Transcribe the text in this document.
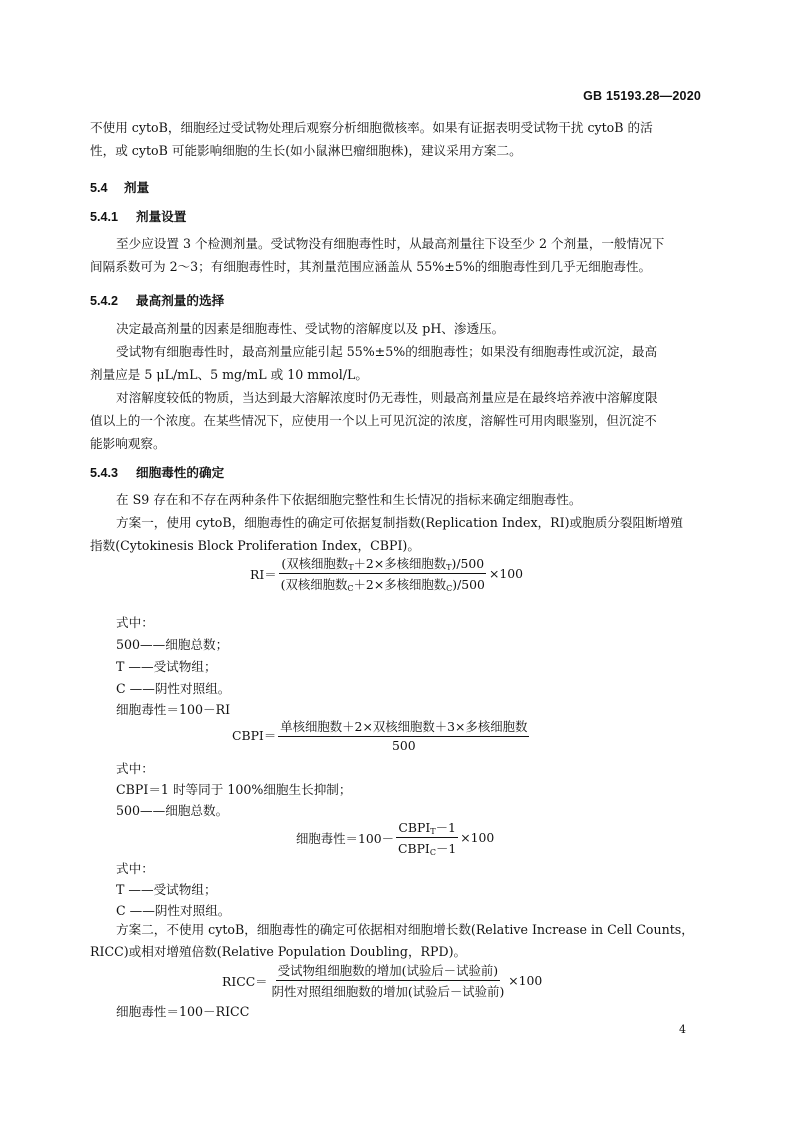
GB 15193.28—2020
不使用 cytoB，细胞经过受试物处理后观察分析细胞微核率。如果有证据表明受试物干扰 cytoB 的活
性，或 cytoB 可能影响细胞的生长(如小鼠淋巴瘤细胞株)，建议采用方案二。
5.4 剂量
5.4.1 剂量设置
至少应设置 3 个检测剂量。受试物没有细胞毒性时，从最高剂量往下设至少 2 个剂量，一般情况下
间隔系数可为 2～3；有细胞毒性时，其剂量范围应涵盖从 55%±5%的细胞毒性到几乎无细胞毒性。
5.4.2 最高剂量的选择
决定最高剂量的因素是细胞毒性、受试物的溶解度以及 pH、渗透压。
受试物有细胞毒性时，最高剂量应能引起 55%±5%的细胞毒性；如果没有细胞毒性或沉淀，最高
剂量应是 5 μL/mL、5 mg/mL 或 10 mmol/L。
对溶解度较低的物质，当达到最大溶解浓度时仍无毒性，则最高剂量应是在最终培养液中溶解度限
值以上的一个浓度。在某些情况下，应使用一个以上可见沉淀的浓度，溶解性可用肉眼鉴别，但沉淀不
能影响观察。
5.4.3 细胞毒性的确定
在 S9 存在和不存在两种条件下依据细胞完整性和生长情况的指标来确定细胞毒性。
方案一，使用 cytoB，细胞毒性的确定可依据复制指数(Replication Index，RI)或胞质分裂阻断增殖
指数(Cytokinesis Block Proliferation Index，CBPI)。
RI＝
(双核细胞数$_T$＋2×多核细胞数$_T$)/500
(双核细胞数$_C$＋2×多核细胞数$_C$)/500
×100
式中：
500——细胞总数；
T ——受试物组；
C ——阴性对照组。
细胞毒性＝100－RI
CBPI＝
单核细胞数＋2×双核细胞数＋3×多核细胞数
500
式中：
CBPI＝1 时等同于 100%细胞生长抑制；
500——细胞总数。
细胞毒性＝100－
$CBPI_T-1$
$CBPI_C-1$
×100
式中：
T ——受试物组；
C ——阴性对照组。
方案二，不使用 cytoB，细胞毒性的确定可依据相对细胞增长数(Relative Increase in Cell Counts，
RICC)或相对增殖倍数(Relative Population Doubling，RPD)。
RICC＝
受试物组细胞数的增加(试验后－试验前)
阴性对照组细胞数的增加(试验后－试验前)
×100
细胞毒性＝100－RICC
4
